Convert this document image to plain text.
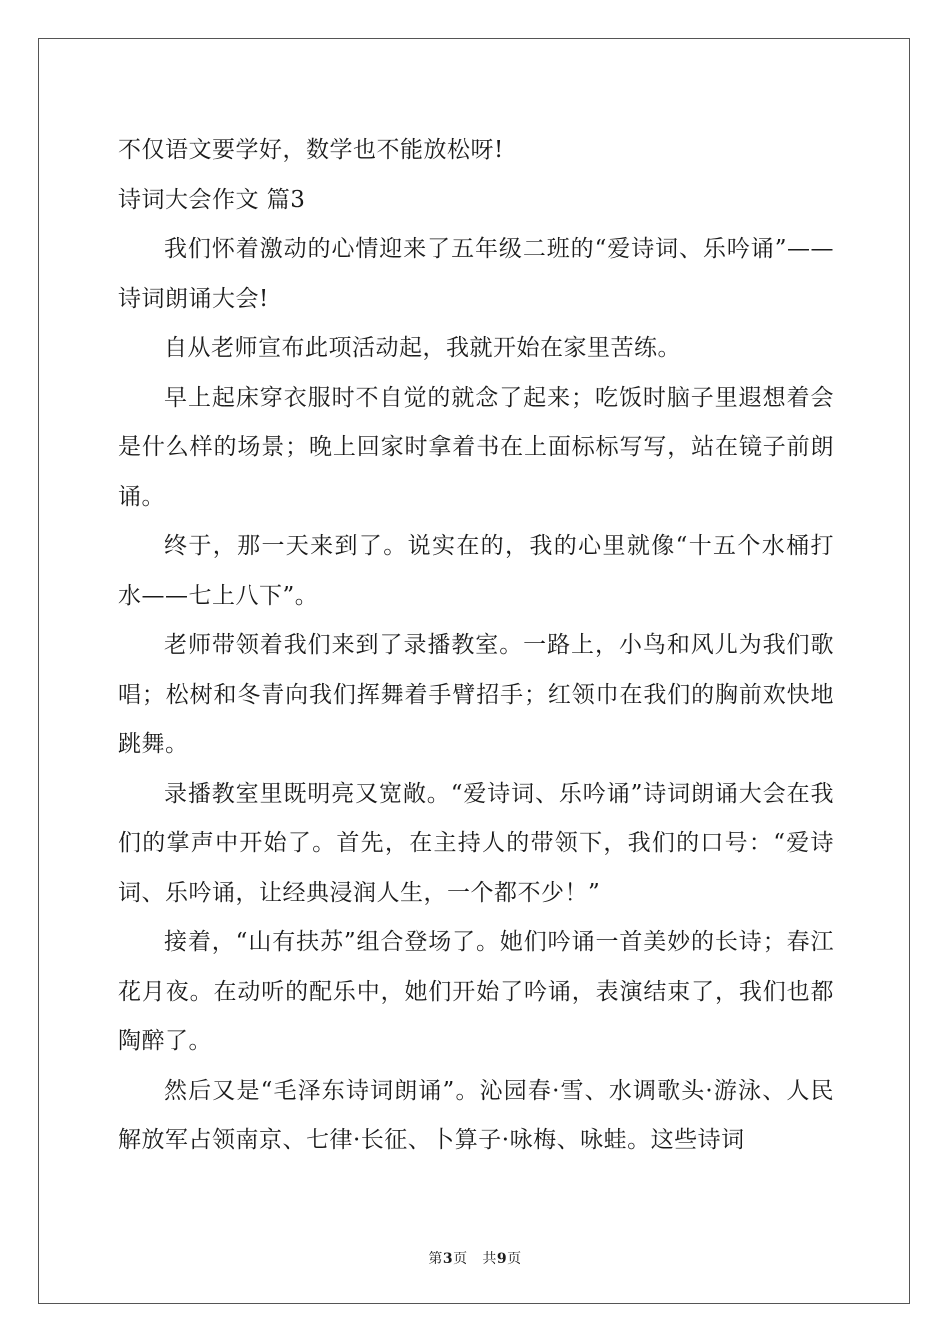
不仅语文要学好，数学也不能放松呀!

诗词大会作文 篇3

我们怀着激动的心情迎来了五年级二班的“爱诗词、乐吟诵”——诗词朗诵大会!

自从老师宣布此项活动起，我就开始在家里苦练。

早上起床穿衣服时不自觉的就念了起来；吃饭时脑子里遐想着会是什么样的场景；晚上回家时拿着书在上面标标写写，站在镜子前朗诵。

终于，那一天来到了。说实在的，我的心里就像“十五个水桶打水——七上八下”。

老师带领着我们来到了录播教室。一路上，小鸟和风儿为我们歌唱；松树和冬青向我们挥舞着手臂招手；红领巾在我们的胸前欢快地跳舞。

录播教室里既明亮又宽敞。“爱诗词、乐吟诵”诗词朗诵大会在我们的掌声中开始了。首先，在主持人的带领下，我们的口号：“爱诗词、乐吟诵，让经典浸润人生，一个都不少！”

接着，“山有扶苏”组合登场了。她们吟诵一首美妙的长诗；春江花月夜。在动听的配乐中，她们开始了吟诵，表演结束了，我们也都陶醉了。

然后又是“毛泽东诗词朗诵”。沁园春·雪、水调歌头·游泳、人民解放军占领南京、七律·长征、卜算子·咏梅、咏蛙。这些诗词

第3页 共9页
